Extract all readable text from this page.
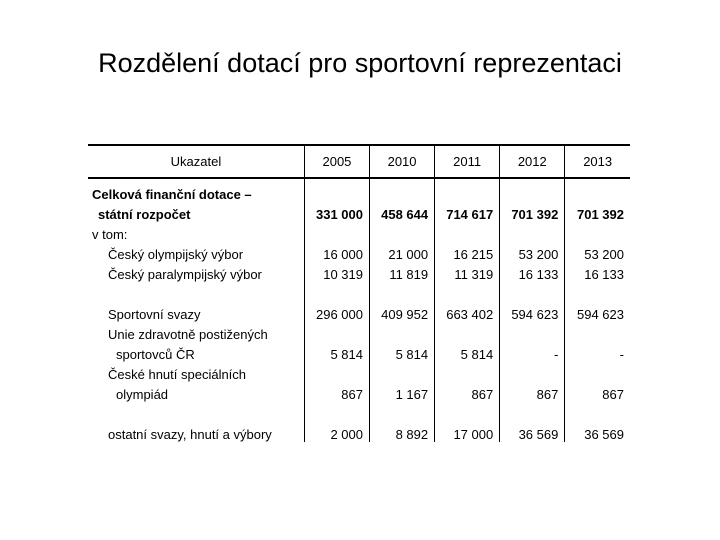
Rozdělení dotací pro sportovní reprezentaci
Ukazatel	2005	2010	2011	2012	2013

Celková finanční dotace –					
státní rozpočet	331 000	458 644	714 617	701 392	701 392
v tom:					
Český olympijský výbor	16 000	21 000	16 215	53 200	53 200
Český paralympijský výbor	10 319	11 819	11 319	16 133	16 133

Sportovní svazy	296 000	409 952	663 402	594 623	594 623
Unie zdravotně postižených					
sportovců ČR	5 814	5 814	5 814	-	-
České hnutí speciálních					
olympiád	867	1 167	867	867	867

ostatní svazy, hnutí a výbory	2 000	8 892	17 000	36 569	36 569
